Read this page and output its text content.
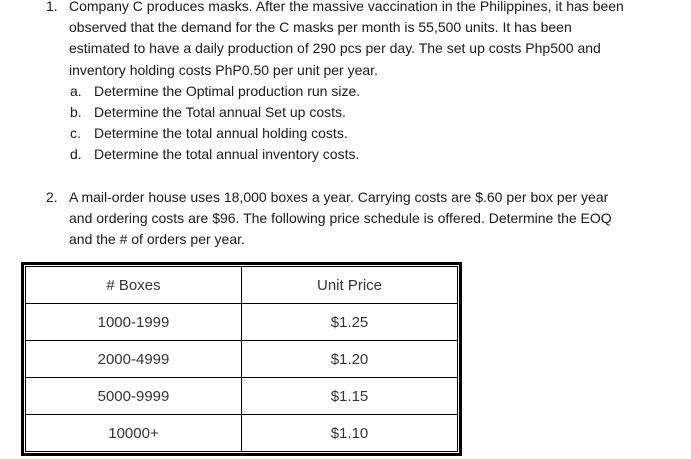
1. Company C produces masks. After the massive vaccination in the Philippines, it has been
observed that the demand for the C masks per month is 55,500 units. It has been
estimated to have a daily production of 290 pcs per day. The set up costs Php500 and
inventory holding costs PhP0.50 per unit per year.
a. Determine the Optimal production run size.
b. Determine the Total annual Set up costs.
c. Determine the total annual holding costs.
d. Determine the total annual inventory costs.
2. A mail-order house uses 18,000 boxes a year. Carrying costs are $.60 per box per year
and ordering costs are $96. The following price schedule is offered. Determine the EOQ
and the # of orders per year.
# Boxes	Unit Price
1000-1999	$1.25
2000-4999	$1.20
5000-9999	$1.15
10000+	$1.10
